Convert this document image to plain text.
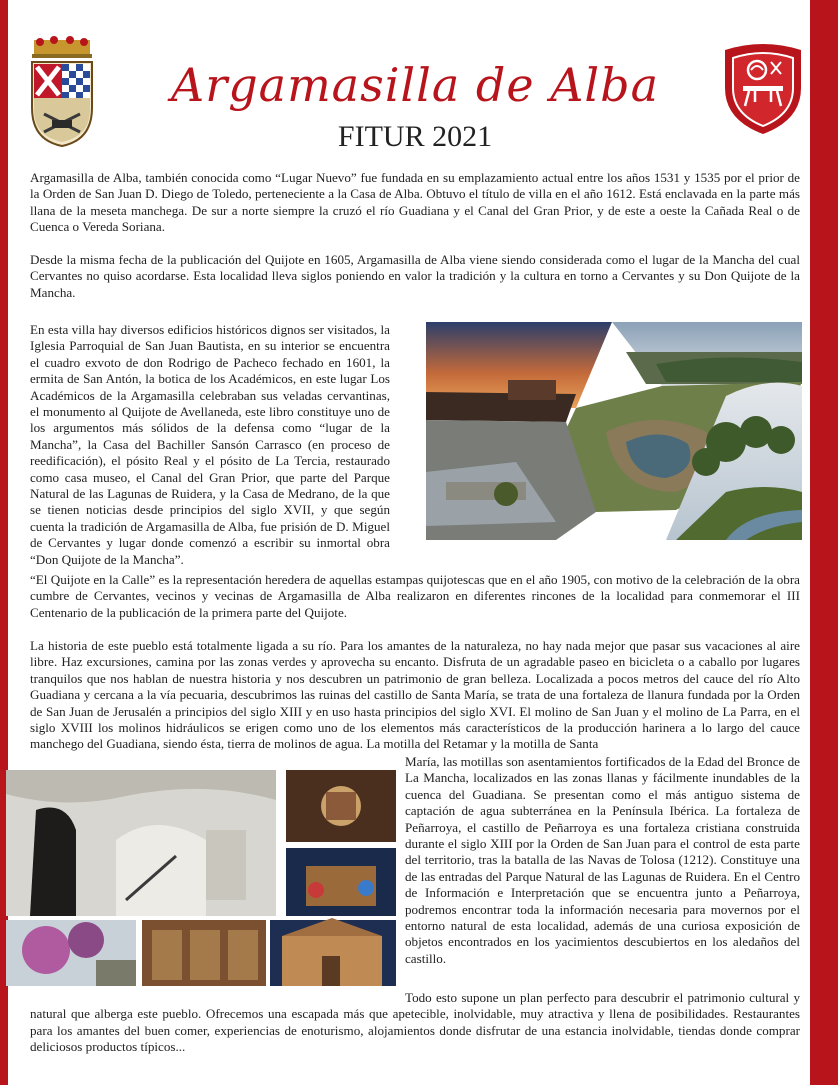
Argamasilla de Alba
FITUR 2021

Argamasilla de Alba, también conocida como “Lugar Nuevo” fue fundada en su emplazamiento actual entre los años 1531 y 1535 por el prior de la Orden de San Juan D. Diego de Toledo, perteneciente a la Casa de Alba. Obtuvo el título de villa en el año 1612. Está enclavada en la parte más llana de la meseta manchega. De sur a norte siempre la cruzó el río Guadiana y el Canal del Gran Prior, y de este a oeste la Cañada Real o de Cuenca o Vereda Soriana.

Desde la misma fecha de la publicación del Quijote en 1605, Argamasilla de Alba viene siendo considerada como el lugar de la Mancha del cual Cervantes no quiso acordarse. Esta localidad lleva siglos poniendo en valor la tradición y la cultura en torno a Cervantes y su Don Quijote de la Mancha.

En esta villa hay diversos edificios históricos dignos ser visitados, la Iglesia Parroquial de San Juan Bautista, en su interior se encuentra el cuadro exvoto de don Rodrigo de Pacheco fechado en 1601, la ermita de San Antón, la botica de los Académicos, en este lugar Los Académicos de la Argamasilla celebraban sus veladas cervantinas, el monumento al Quijote de Avellaneda, este libro constituye uno de los argumentos más sólidos de la defensa como “lugar de la Mancha”, la Casa del Bachiller Sansón Carrasco (en proceso de reedificación), el pósito Real y el pósito de La Tercia, restaurado como casa museo, el Canal del Gran Prior, que parte del Parque Natural de las Lagunas de Ruidera, y la Casa de Medrano, de la que se tienen noticias desde principios del siglo XVII, y que según cuenta la tradición de Argamasilla de Alba, fue prisión de D. Miguel de Cervantes y lugar donde comenzó a escribir su inmortal obra “Don Quijote de la Mancha”.

“El Quijote en la Calle” es la representación heredera de aquellas estampas quijotescas que en el año 1905, con motivo de la celebración de la obra cumbre de Cervantes, vecinos y vecinas de Argamasilla de Alba realizaron en diferentes rincones de la localidad para conmemorar el III Centenario de la publicación de la primera parte del Quijote.

La historia de este pueblo está totalmente ligada a su río. Para los amantes de la naturaleza, no hay nada mejor que pasar sus vacaciones al aire libre. Haz excursiones, camina por las zonas verdes y aprovecha su encanto. Disfruta de un agradable paseo en bicicleta o a caballo por lugares tranquilos que nos hablan de nuestra historia y nos descubren un patrimonio de gran belleza. Localizada a pocos metros del cauce del río Alto Guadiana y cercana a la vía pecuaria, descubrimos las ruinas del castillo de Santa María, se trata de una fortaleza de llanura fundada por la Orden de San Juan de Jerusalén a principios del siglo XIII y en uso hasta principios del siglo XVI. El molino de San Juan y el molino de La Parra, en el siglo XVIII los molinos hidráulicos se erigen como uno de los elementos más característicos de la producción harinera a lo largo del cauce manchego del Guadiana, siendo ésta, tierra de molinos de agua. La motilla del Retamar y la motilla de Santa

María, las motillas son asentamientos fortificados de la Edad del Bronce de La Mancha, localizados en las zonas llanas y fácilmente inundables de la cuenca del Guadiana. Se presentan como el más antiguo sistema de captación de agua subterránea en la Península Ibérica. La fortaleza de Peñarroya, el castillo de Peñarroya es una fortaleza cristiana construida durante el siglo XIII por la Orden de San Juan para el control de esta parte del territorio, tras la batalla de las Navas de Tolosa (1212). Constituye una de las entradas del Parque Natural de las Lagunas de Ruidera. En el Centro de Información e Interpretación que se encuentra junto a Peñarroya, podremos encontrar toda la información necesaria para movernos por el entorno natural de esta localidad, además de una curiosa exposición de objetos encontrados en los yacimientos descubiertos en los aledaños del castillo.

Todo esto supone un plan perfecto para descubrir el patrimonio cultural y natural que alberga este pueblo. Ofrecemos una escapada más que apetecible, inolvidable, muy atractiva y llena de posibilidades. Restaurantes para los amantes del buen comer, experiencias de enoturismo, alojamientos donde disfrutar de una estancia inolvidable, tiendas donde comprar deliciosos productos típicos...
